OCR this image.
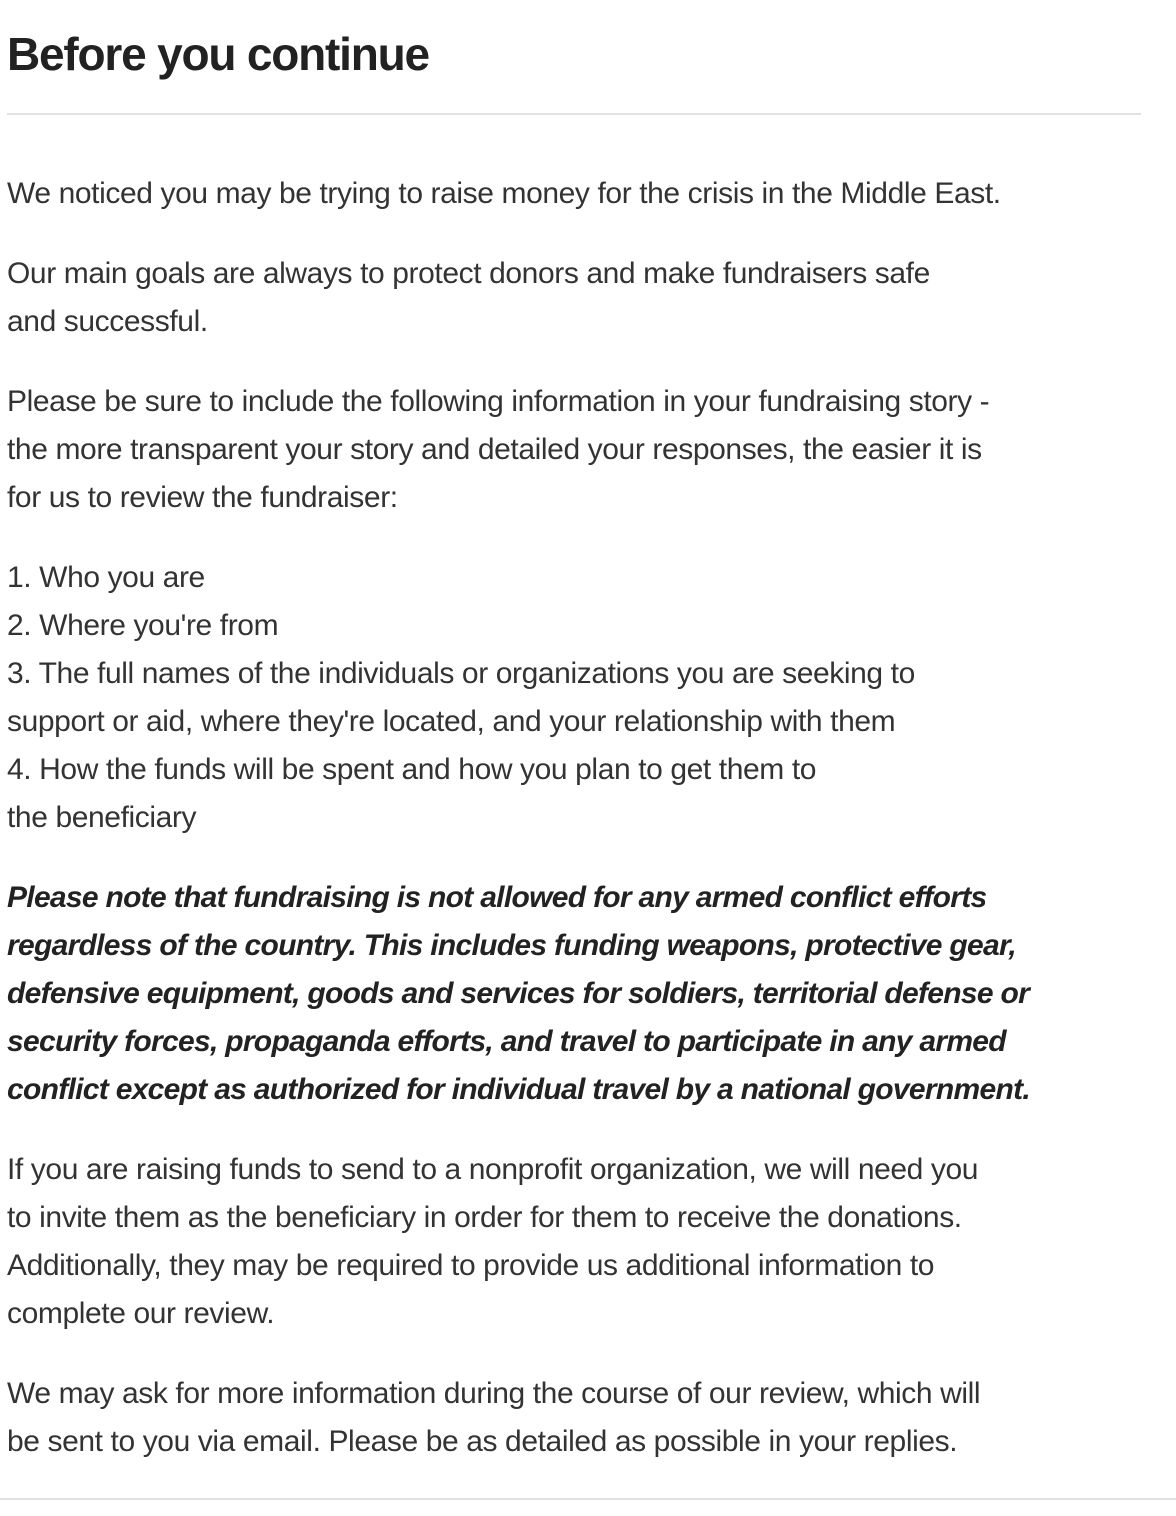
Before you continue

We noticed you may be trying to raise money for the crisis in the Middle East.

Our main goals are always to protect donors and make fundraisers safe
and successful.

Please be sure to include the following information in your fundraising story -
the more transparent your story and detailed your responses, the easier it is
for us to review the fundraiser:

1. Who you are
2. Where you're from
3. The full names of the individuals or organizations you are seeking to
support or aid, where they're located, and your relationship with them
4. How the funds will be spent and how you plan to get them to
the beneficiary

Please note that fundraising is not allowed for any armed conflict efforts
regardless of the country. This includes funding weapons, protective gear,
defensive equipment, goods and services for soldiers, territorial defense or
security forces, propaganda efforts, and travel to participate in any armed
conflict except as authorized for individual travel by a national government.

If you are raising funds to send to a nonprofit organization, we will need you
to invite them as the beneficiary in order for them to receive the donations.
Additionally, they may be required to provide us additional information to
complete our review.

We may ask for more information during the course of our review, which will
be sent to you via email. Please be as detailed as possible in your replies.
